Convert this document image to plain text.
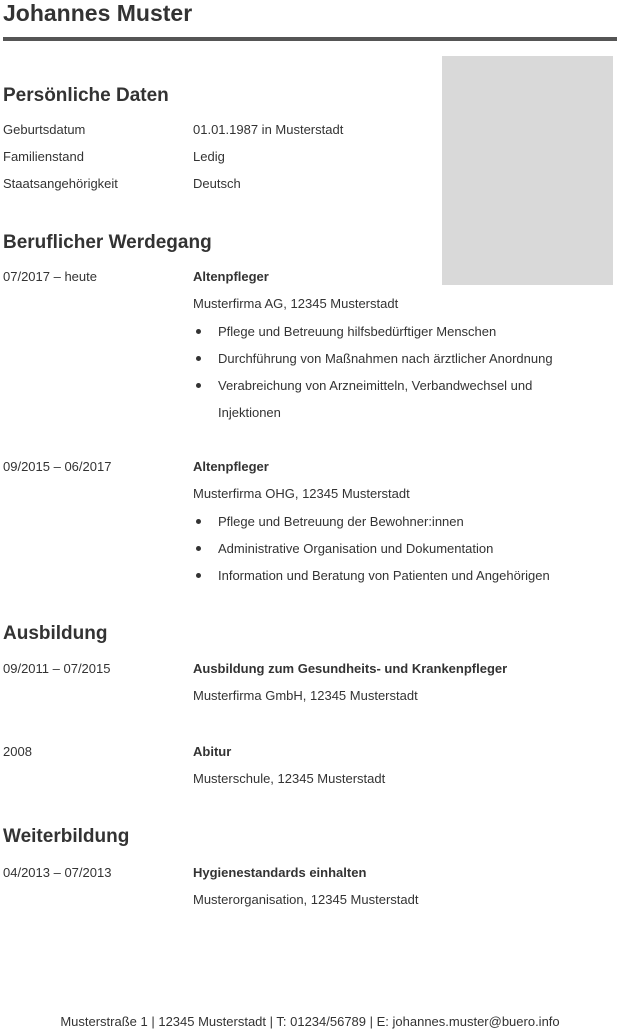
Johannes Muster
Persönliche Daten
Geburtsdatum	01.01.1987 in Musterstadt
Familienstand	Ledig
Staatsangehörigkeit	Deutsch
Beruflicher Werdegang
07/2017 – heute	Altenpfleger
Musterfirma AG, 12345 Musterstadt
Pflege und Betreuung hilfsbedürftiger Menschen
Durchführung von Maßnahmen nach ärztlicher Anordnung
Verabreichung von Arzneimitteln, Verbandwechsel und Injektionen
09/2015 – 06/2017	Altenpfleger
Musterfirma OHG, 12345 Musterstadt
Pflege und Betreuung der Bewohner:innen
Administrative Organisation und Dokumentation
Information und Beratung von Patienten und Angehörigen
Ausbildung
09/2011 – 07/2015	Ausbildung zum Gesundheits- und Krankenpfleger
Musterfirma GmbH, 12345 Musterstadt
2008	Abitur
Musterschule, 12345 Musterstadt
Weiterbildung
04/2013 – 07/2013	Hygienestandards einhalten
Musterorganisation, 12345 Musterstadt
Musterstraße 1 | 12345 Musterstadt | T: 01234/56789 | E: johannes.muster@buero.info
